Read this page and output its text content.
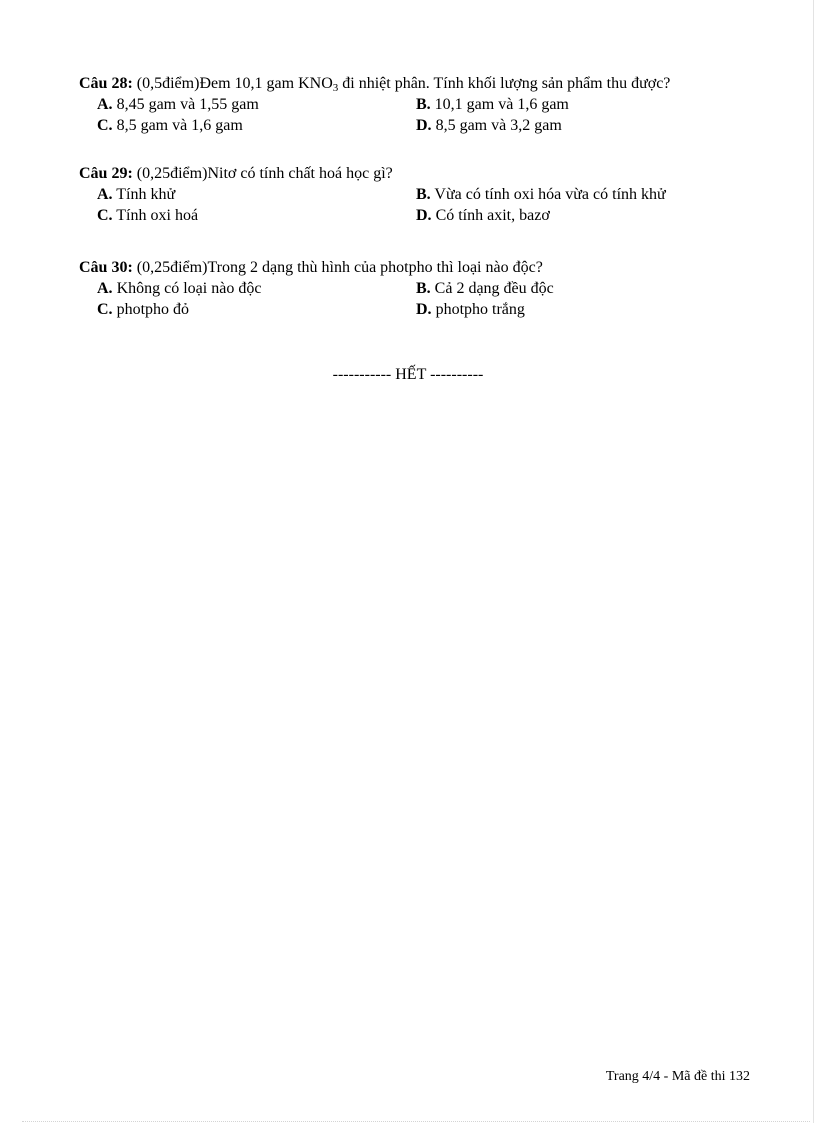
Câu 28: (0,5điểm)Đem 10,1 gam $KNO_3$ đi nhiệt phân. Tính khối lượng sản phẩm thu được?
A. 8,45 gam và 1,55 gam	B. 10,1 gam và 1,6 gam
C. 8,5 gam và 1,6 gam	D. 8,5 gam và 3,2 gam
Câu 29: (0,25điểm)Nitơ có tính chất hoá học gì?
A. Tính khử	B. Vừa có tính oxi hóa vừa có tính khử
C. Tính oxi hoá	D. Có tính axit, bazơ
Câu 30: (0,25điểm)Trong 2 dạng thù hình của photpho thì loại nào độc?
A. Không có loại nào độc	B. Cả 2 dạng đều độc
C. photpho đỏ	D. photpho trắng
----------- HẾT ----------
Trang 4/4 - Mã đề thi 132
